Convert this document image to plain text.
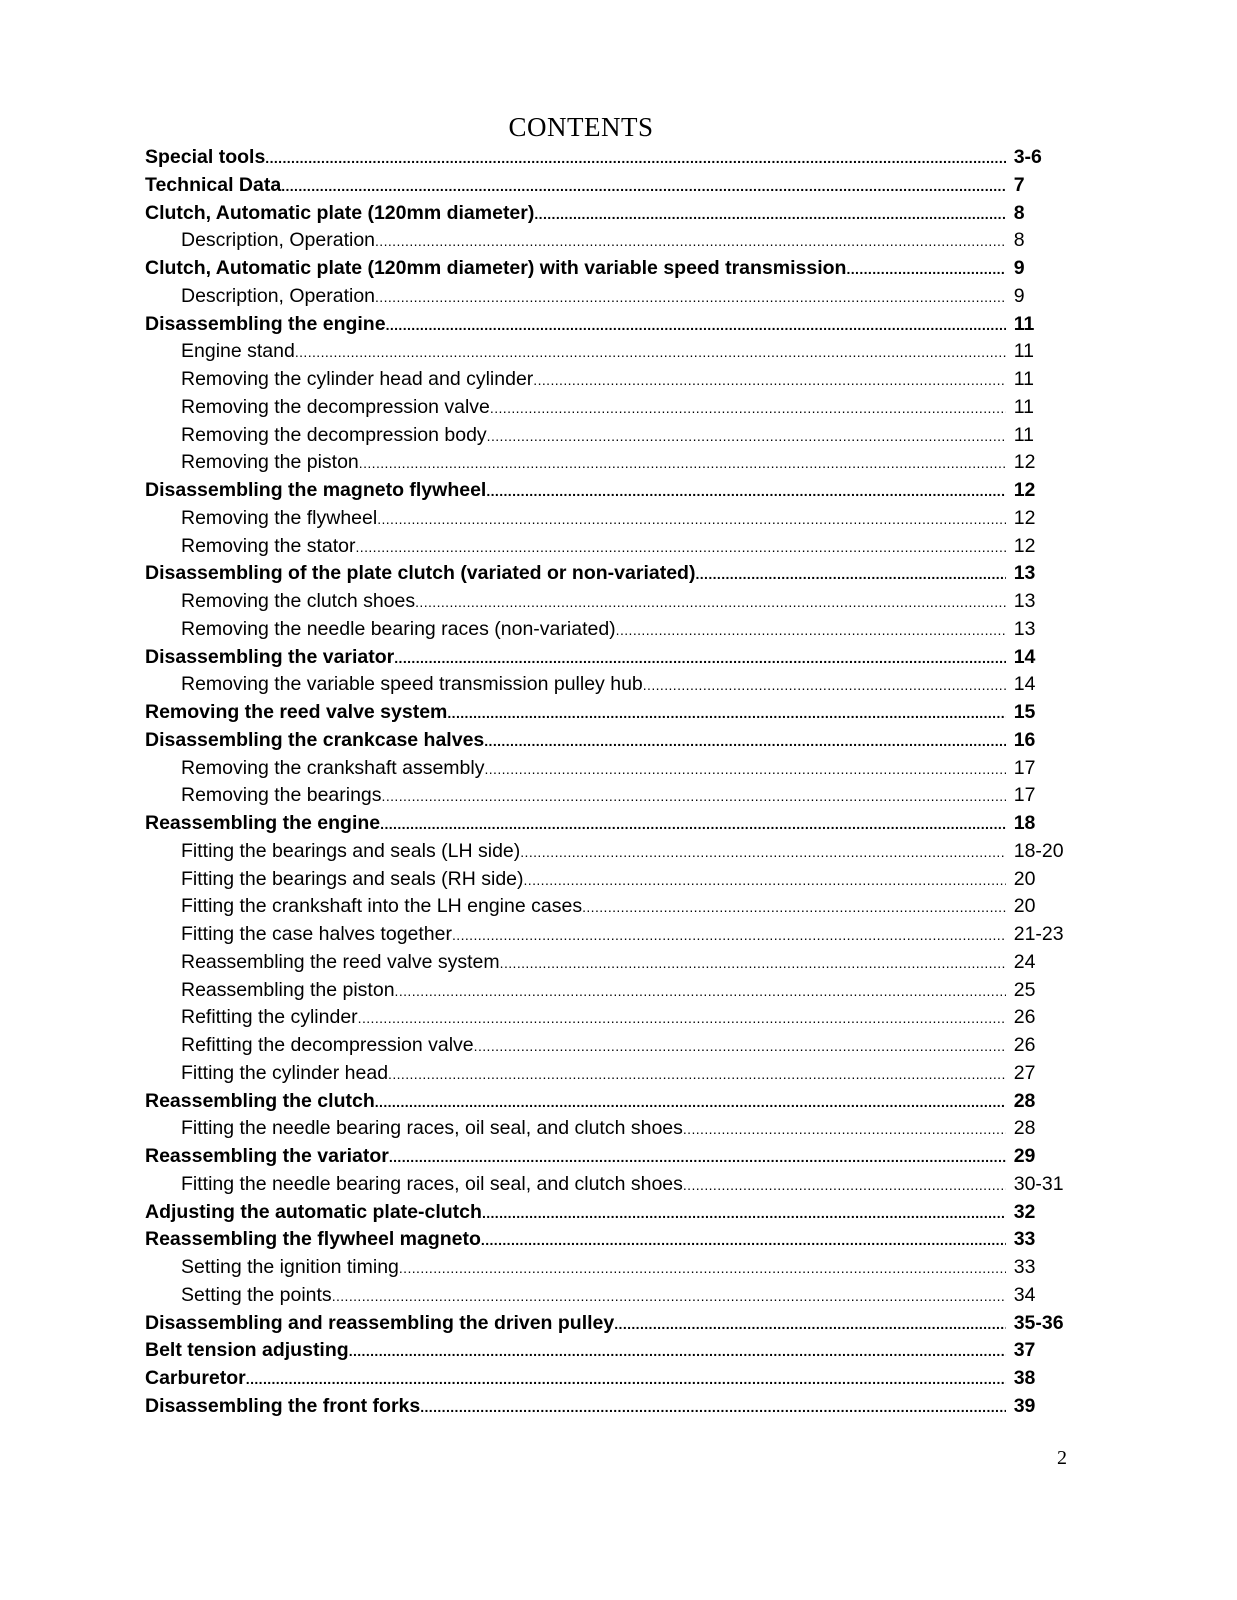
CONTENTS
Special tools .....	3-6
Technical Data .....	7
Clutch, Automatic plate (120mm diameter) .....	8
Description, Operation .....	8
Clutch, Automatic plate (120mm diameter) with variable speed transmission .....	9
Description, Operation .....	9
Disassembling the engine .....	11
Engine stand .....	11
Removing the cylinder head and cylinder .....	11
Removing the decompression valve .....	11
Removing the decompression body .....	11
Removing the piston .....	12
Disassembling the magneto flywheel .....	12
Removing the flywheel .....	12
Removing the stator .....	12
Disassembling of the plate clutch (variated or non-variated) .....	13
Removing the clutch shoes .....	13
Removing the needle bearing races (non-variated) .....	13
Disassembling the variator .....	14
Removing the variable speed transmission pulley hub .....	14
Removing the reed valve system .....	15
Disassembling the crankcase halves .....	16
Removing the crankshaft assembly .....	17
Removing the bearings .....	17
Reassembling the engine .....	18
Fitting the bearings and seals (LH side) .....	18-20
Fitting the bearings and seals (RH side) .....	20
Fitting the crankshaft into the LH engine cases .....	20
Fitting the case halves together .....	21-23
Reassembling the reed valve system .....	24
Reassembling the piston .....	25
Refitting the cylinder .....	26
Refitting the decompression valve .....	26
Fitting the cylinder head .....	27
Reassembling the clutch .....	28
Fitting the needle bearing races, oil seal, and clutch shoes .....	28
Reassembling the variator .....	29
Fitting the needle bearing races, oil seal, and clutch shoes .....	30-31
Adjusting the automatic plate-clutch .....	32
Reassembling the flywheel magneto .....	33
Setting the ignition timing .....	33
Setting the points .....	34
Disassembling and reassembling the driven pulley .....	35-36
Belt tension adjusting .....	37
Carburetor .....	38
Disassembling the front forks .....	39
2
